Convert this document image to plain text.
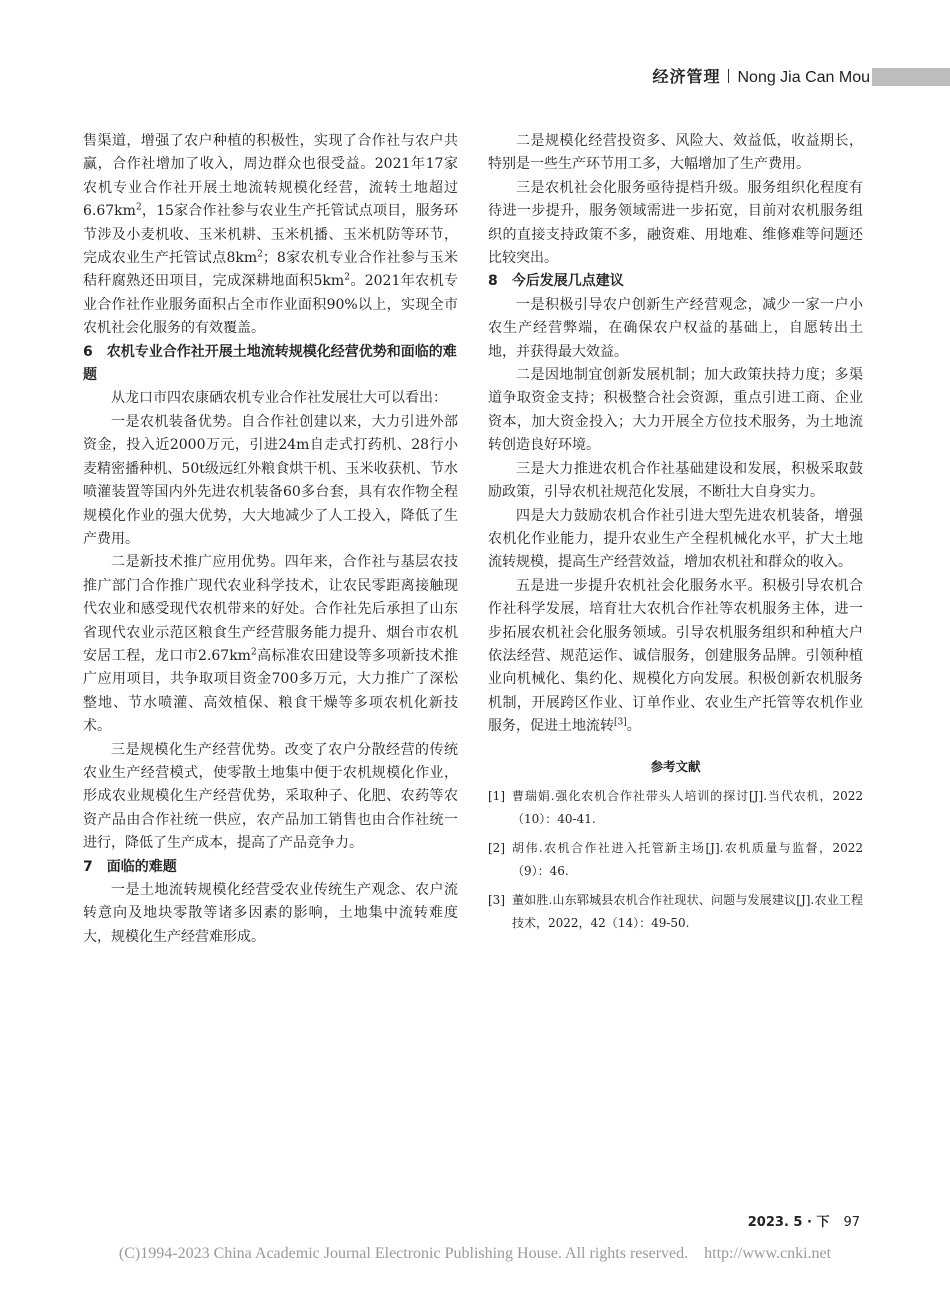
经济管理 Nong Jia Can Mou

售渠道，增强了农户种植的积极性，实现了合作社与农户共赢，合作社增加了收入，周边群众也很受益。2021年17家农机专业合作社开展土地流转规模化经营，流转土地超过$6.67km^2$，15家合作社参与农业生产托管试点项目，服务环节涉及小麦机收、玉米机耕、玉米机播、玉米机防等环节，完成农业生产托管试点$8km^2$；8家农机专业合作社参与玉米秸秆腐熟还田项目，完成深耕地面积$5km^2$。2021年农机专业合作社作业服务面积占全市作业面积90%以上，实现全市农机社会化服务的有效覆盖。

6　农机专业合作社开展土地流转规模化经营优势和面临的难题

从龙口市四农康硒农机专业合作社发展壮大可以看出：

一是农机装备优势。自合作社创建以来，大力引进外部资金，投入近2000万元，引进24m自走式打药机、28行小麦精密播种机、50t级远红外粮食烘干机、玉米收获机、节水喷灌装置等国内外先进农机装备60多台套，具有农作物全程规模化作业的强大优势，大大地减少了人工投入，降低了生产费用。

二是新技术推广应用优势。四年来，合作社与基层农技推广部门合作推广现代农业科学技术，让农民零距离接触现代农业和感受现代农机带来的好处。合作社先后承担了山东省现代农业示范区粮食生产经营服务能力提升、烟台市农机安居工程，龙口市$2.67km^2$高标准农田建设等多项新技术推广应用项目，共争取项目资金700多万元，大力推广了深松整地、节水喷灌、高效植保、粮食干燥等多项农机化新技术。

三是规模化生产经营优势。改变了农户分散经营的传统农业生产经营模式，使零散土地集中便于农机规模化作业，形成农业规模化生产经营优势，采取种子、化肥、农药等农资产品由合作社统一供应，农产品加工销售也由合作社统一进行，降低了生产成本，提高了产品竞争力。

7　面临的难题

一是土地流转规模化经营受农业传统生产观念、农户流转意向及地块零散等诸多因素的影响，土地集中流转难度大，规模化生产经营难形成。

二是规模化经营投资多、风险大、效益低，收益期长，特别是一些生产环节用工多，大幅增加了生产费用。

三是农机社会化服务亟待提档升级。服务组织化程度有待进一步提升，服务领域需进一步拓宽，目前对农机服务组织的直接支持政策不多，融资难、用地难、维修难等问题还比较突出。

8　今后发展几点建议

一是积极引导农户创新生产经营观念，减少一家一户小农生产经营弊端，在确保农户权益的基础上，自愿转出土地，并获得最大效益。

二是因地制宜创新发展机制；加大政策扶持力度；多渠道争取资金支持；积极整合社会资源，重点引进工商、企业资本，加大资金投入；大力开展全方位技术服务，为土地流转创造良好环境。

三是大力推进农机合作社基础建设和发展，积极采取鼓励政策，引导农机社规范化发展，不断壮大自身实力。

四是大力鼓励农机合作社引进大型先进农机装备，增强农机化作业能力，提升农业生产全程机械化水平，扩大土地流转规模，提高生产经营效益，增加农机社和群众的收入。

五是进一步提升农机社会化服务水平。积极引导农机合作社科学发展，培育壮大农机合作社等农机服务主体，进一步拓展农机社会化服务领域。引导农机服务组织和种植大户依法经营、规范运作、诚信服务，创建服务品牌。引领种植业向机械化、集约化、规模化方向发展。积极创新农机服务机制，开展跨区作业、订单作业、农业生产托管等农机作业服务，促进土地流转[3]。

参考文献
[1] 曹瑞娟.强化农机合作社带头人培训的探讨[J].当代农机，2022（10）：40-41.
[2] 胡伟.农机合作社进入托管新主场[J].农机质量与监督，2022（9）：46.
[3] 董如胜.山东郓城县农机合作社现状、问题与发展建议[J].农业工程技术，2022，42（14）：49-50.
2023. 5 · 下 97
(C)1994-2023 China Academic Journal Electronic Publishing House. All rights reserved.　http://www.cnki.net
